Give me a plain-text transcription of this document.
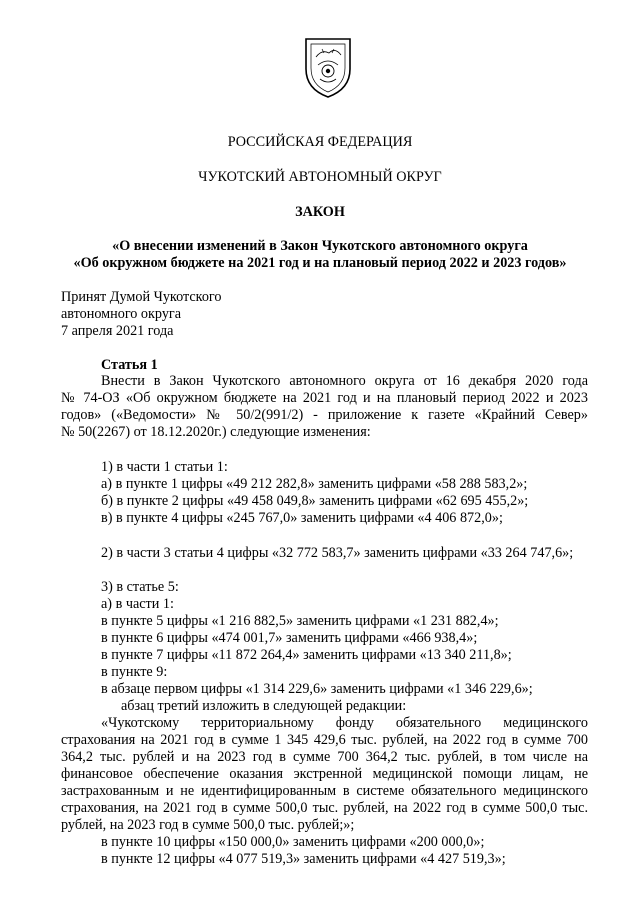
РОССИЙСКАЯ ФЕДЕРАЦИЯ
ЧУКОТСКИЙ АВТОНОМНЫЙ ОКРУГ
ЗАКОН
«О внесении изменений в Закон Чукотского автономного округа
«Об окружном бюджете на 2021 год и на плановый период 2022 и 2023 годов»
Принят Думой Чукотского
автономного округа
7 апреля 2021 года
Статья 1
Внести в Закон Чукотского автономного округа от 16 декабря 2020 года
№ 74-ОЗ «Об окружном бюджете на 2021 год и на плановый период 2022 и 2023
годов» («Ведомости» № 50/2(991/2) - приложение к газете «Крайний Север»
№ 50(2267) от 18.12.2020г.) следующие изменения:
1) в части 1 статьи 1:
а) в пункте 1 цифры «49 212 282,8» заменить цифрами «58 288 583,2»;
б) в пункте 2 цифры «49 458 049,8» заменить цифрами «62 695 455,2»;
в) в пункте 4 цифры «245 767,0» заменить цифрами «4 406 872,0»;
2) в части 3 статьи 4 цифры «32 772 583,7» заменить цифрами «33 264 747,6»;
3) в статье 5:
а) в части 1:
в пункте 5 цифры «1 216 882,5» заменить цифрами «1 231 882,4»;
в пункте 6 цифры «474 001,7» заменить цифрами «466 938,4»;
в пункте 7 цифры «11 872 264,4» заменить цифрами «13 340 211,8»;
в пункте 9:
в абзаце первом цифры «1 314 229,6» заменить цифрами «1 346 229,6»;
абзац третий изложить в следующей редакции:
«Чукотскому территориальному фонду обязательного медицинского
страхования на 2021 год в сумме 1 345 429,6 тыс. рублей, на 2022 год в сумме 700
364,2 тыс. рублей и на 2023 год в сумме 700 364,2 тыс. рублей, в том числе на
финансовое обеспечение оказания экстренной медицинской помощи лицам, не
застрахованным и не идентифицированным в системе обязательного медицинского
страхования, на 2021 год в сумме 500,0 тыс. рублей, на 2022 год в сумме 500,0 тыс.
рублей, на 2023 год в сумме 500,0 тыс. рублей;»;
в пункте 10 цифры «150 000,0» заменить цифрами «200 000,0»;
в пункте 12 цифры «4 077 519,3» заменить цифрами «4 427 519,3»;
